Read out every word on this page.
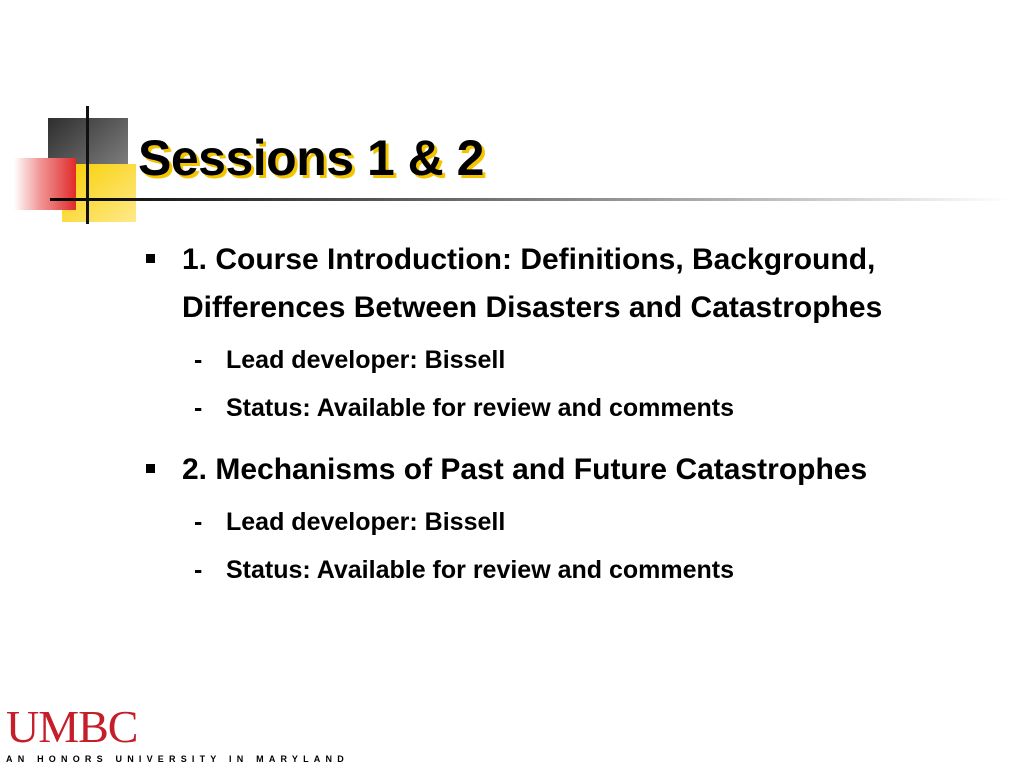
Sessions 1 & 2
1. Course Introduction: Definitions, Background, Differences Between Disasters and Catastrophes
- Lead developer: Bissell
- Status: Available for review and comments
2. Mechanisms of Past and Future Catastrophes
- Lead developer: Bissell
- Status: Available for review and comments
UMBC
AN HONORS UNIVERSITY IN MARYLAND
